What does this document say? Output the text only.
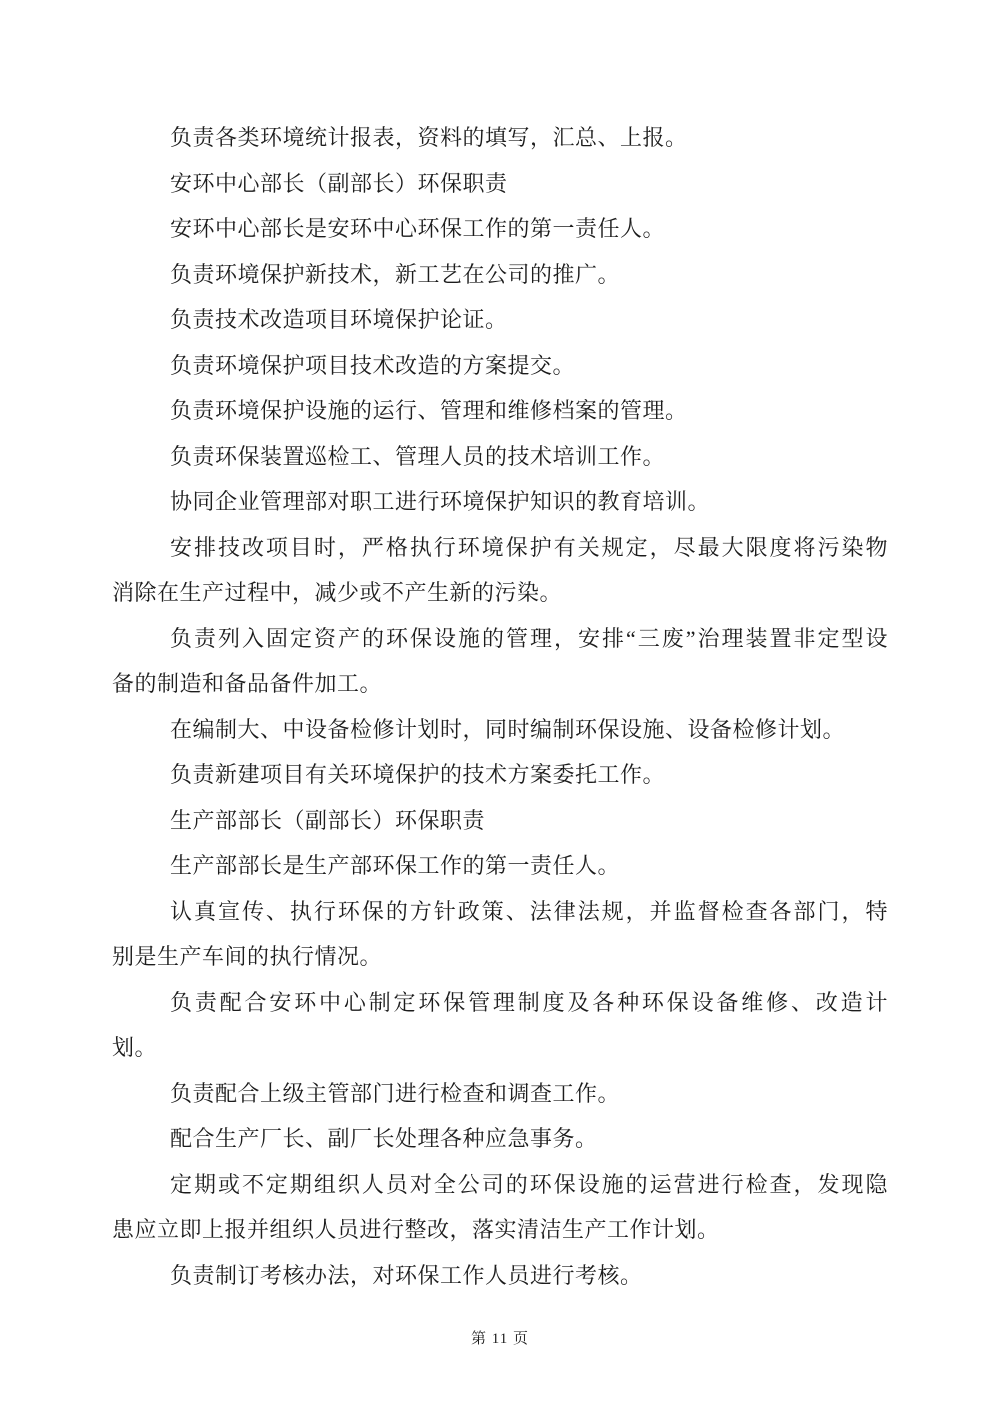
负责各类环境统计报表，资料的填写，汇总、上报。
安环中心部长（副部长）环保职责
安环中心部长是安环中心环保工作的第一责任人。
负责环境保护新技术，新工艺在公司的推广。
负责技术改造项目环境保护论证。
负责环境保护项目技术改造的方案提交。
负责环境保护设施的运行、管理和维修档案的管理。
负责环保装置巡检工、管理人员的技术培训工作。
协同企业管理部对职工进行环境保护知识的教育培训。
安排技改项目时，严格执行环境保护有关规定，尽最大限度将污染物
消除在生产过程中，减少或不产生新的污染。
负责列入固定资产的环保设施的管理，安排“三废”治理装置非定型设
备的制造和备品备件加工。
在编制大、中设备检修计划时，同时编制环保设施、设备检修计划。
负责新建项目有关环境保护的技术方案委托工作。
生产部部长（副部长）环保职责
生产部部长是生产部环保工作的第一责任人。
认真宣传、执行环保的方针政策、法律法规，并监督检查各部门，特
别是生产车间的执行情况。
负责配合安环中心制定环保管理制度及各种环保设备维修、改造计
划。
负责配合上级主管部门进行检查和调查工作。
配合生产厂长、副厂长处理各种应急事务。
定期或不定期组织人员对全公司的环保设施的运营进行检查，发现隐
患应立即上报并组织人员进行整改，落实清洁生产工作计划。
负责制订考核办法，对环保工作人员进行考核。
第 11 页
